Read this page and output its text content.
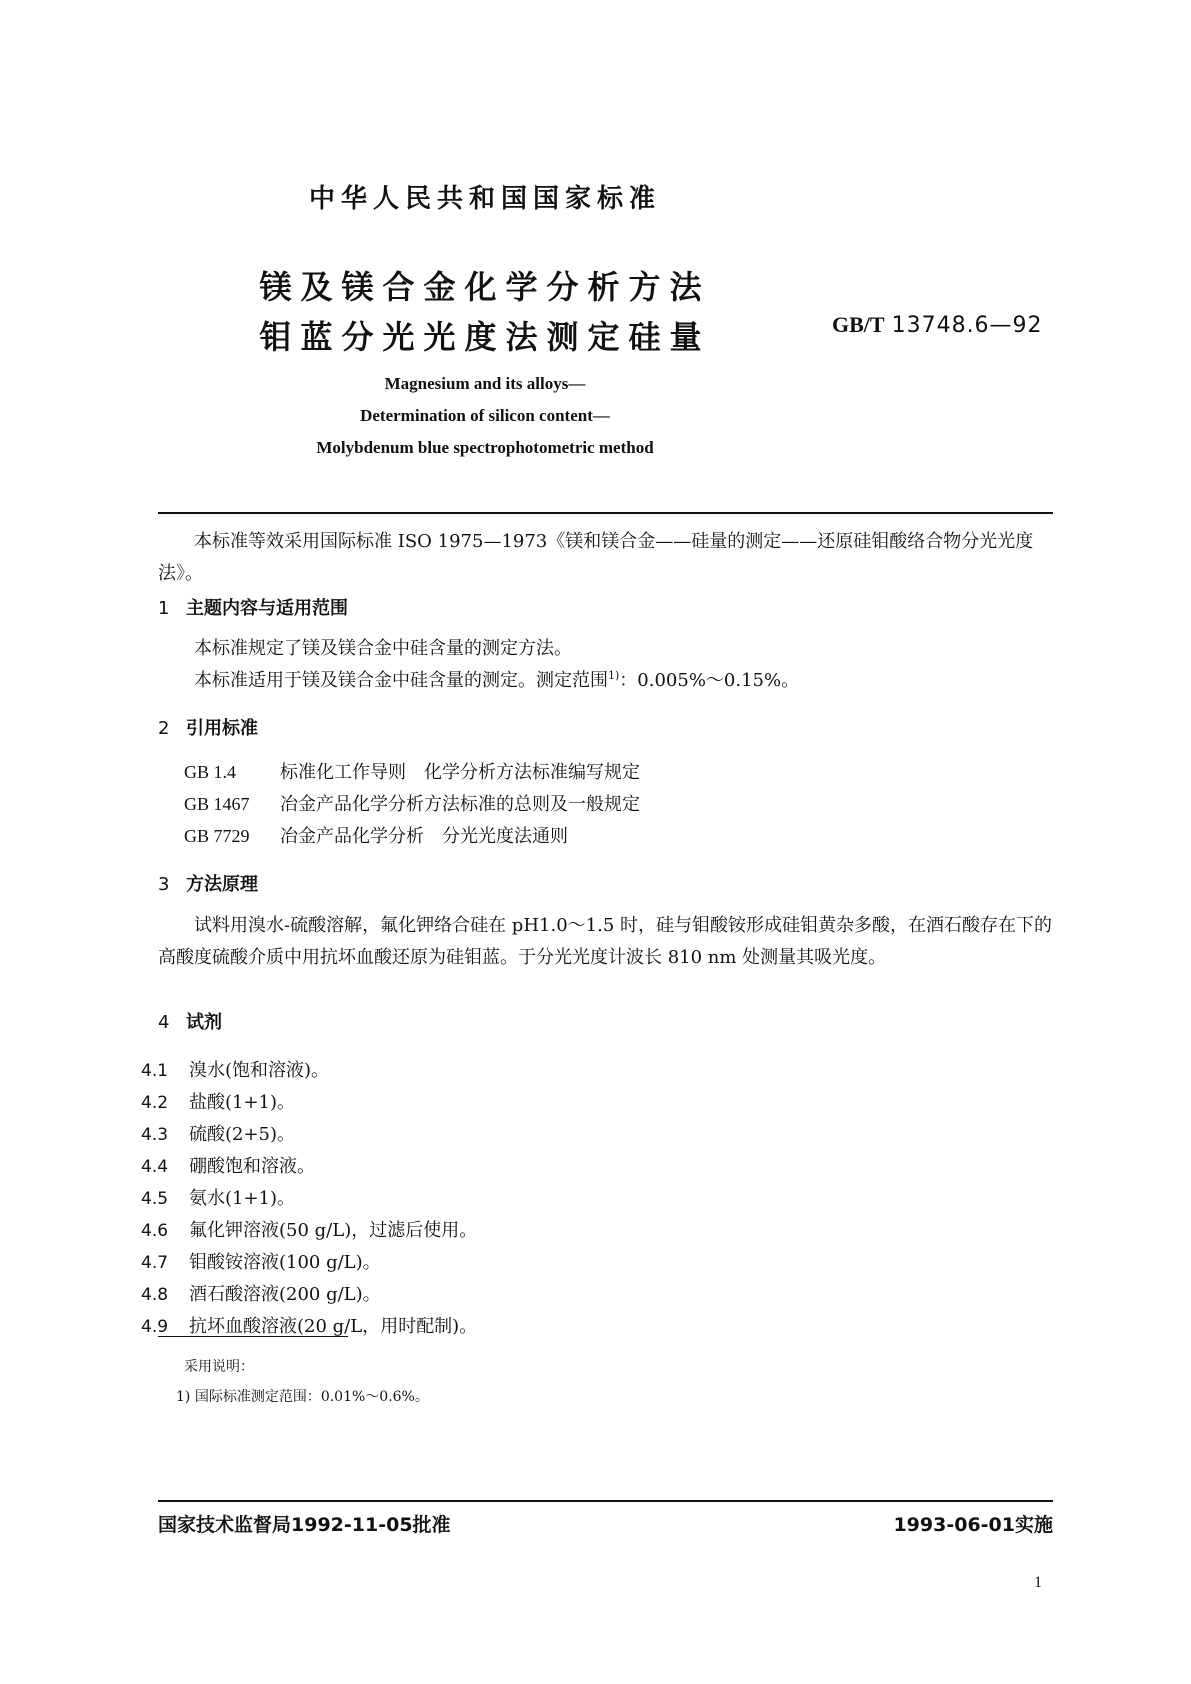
中华人民共和国国家标准
镁及镁合金化学分析方法
钼蓝分光光度法测定硅量	GB/T 13748.6—92
Magnesium and its alloys—
Determination of silicon content—
Molybdenum blue spectrophotometric method
本标准等效采用国际标准 ISO 1975—1973《镁和镁合金——硅量的测定——还原硅钼酸络合物分光光度法》。
1 主题内容与适用范围
本标准规定了镁及镁合金中硅含量的测定方法。
本标准适用于镁及镁合金中硅含量的测定。测定范围$^{1)}$：0.005%～0.15%。
2 引用标准
GB 1.4 标准化工作导则　化学分析方法标准编写规定
GB 1467 冶金产品化学分析方法标准的总则及一般规定
GB 7729 冶金产品化学分析　分光光度法通则
3 方法原理
试料用溴水-硫酸溶解，氟化钾络合硅在 pH1.0～1.5 时，硅与钼酸铵形成硅钼黄杂多酸，在酒石酸存在下的高酸度硫酸介质中用抗坏血酸还原为硅钼蓝。于分光光度计波长 810 nm 处测量其吸光度。
4 试剂
4.1 溴水(饱和溶液)。
4.2 盐酸(1+1)。
4.3 硫酸(2+5)。
4.4 硼酸饱和溶液。
4.5 氨水(1+1)。
4.6 氟化钾溶液(50 g/L)，过滤后使用。
4.7 钼酸铵溶液(100 g/L)。
4.8 酒石酸溶液(200 g/L)。
4.9 抗坏血酸溶液(20 g/L，用时配制)。
采用说明：
1) 国际标准测定范围：0.01%～0.6%。
国家技术监督局1992-11-05批准	1993-06-01实施
1
